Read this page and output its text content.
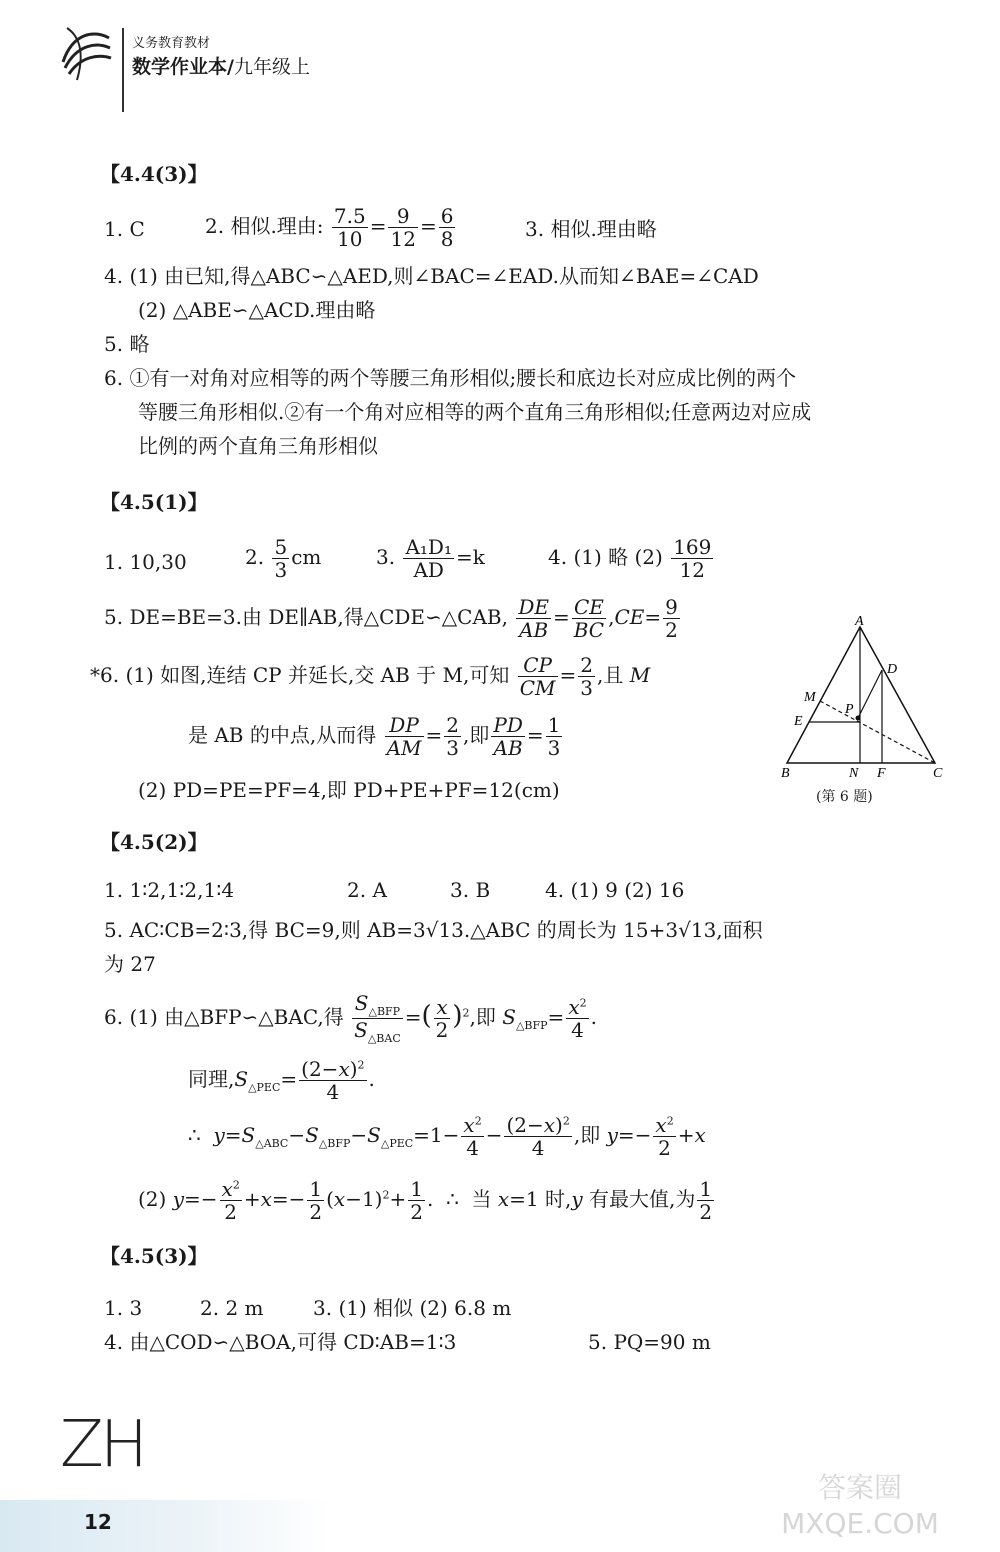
义务教育教材
数学作业本/九年级上
【4.4(3)】
1. C	2. 相似.理由: $\frac{7.5}{10} = \frac{9}{12} = \frac{6}{8}$	3. 相似.理由略
4. (1) 由已知,得△ABC∽△AED,则∠BAC=∠EAD.从而知∠BAE=∠CAD
(2) △ABE∽△ACD.理由略
5. 略
6. ①有一对角对应相等的两个等腰三角形相似;腰长和底边长对应成比例的两个
等腰三角形相似.②有一个角对应相等的两个直角三角形相似;任意两边对应成
比例的两个直角三角形相似
【4.5(1)】
1. 10,30	2. $\frac{5}{3}$ cm	3. $\frac{\text{A₁D₁}}{AD} =k$	4. (1) 略 $(2) \frac{169}{12}$
5. DE=BE=3.由 DE∥AB,得△CDE∽△CAB, $\frac{DE}{AB} = \frac{CE}{BC} ,CE= \frac{9}{2}$
*6. (1) 如图,连结 CP 并延长,交 AB 于 M,可知 $\frac{CP}{CM} = \frac{2}{3}$ ,且 M
是 AB 的中点,从而得 $\frac{DP}{AM} = \frac{2}{3}$ ,即 $\frac{PD}{AB} = \frac{1}{3}$
(2) PD=PE=PF=4,即 PD+PE+PF=12(cm)
A
D
M
P
E
B	N F	C
(第 6 题)
【4.5(2)】
1. 1∶2,1∶2,1∶4	2. A	3. B	4. (1) 9 (2) 16
5. AC∶CB=2∶3,得 BC=9,则 AB=3√13.△ABC 的周长为 15+3√13,面积
为 27
6. (1) 由△BFP∽△BAC,得 $\frac{S_{\triangle BFP}}{S_{\triangle BAC}}$ =( $\frac{x}{2} )^2$,即 $S_{\triangle BFP}= \frac{x^2}{4}$ .
同理$,S_{\triangle PEC}= \frac{(2-x)^2}{4}$ .
∴ $y=S_{\triangle ABC}-S_{\triangle BFP}-S_{\triangle PEC}=1- \frac{x^2}{4} - \frac{(2-x)^2}{4}$ ,即 $y=- \frac{x^2}{2} +x$
(2) $y=- \frac{x^2}{2} +x=- \frac{1}{2} (x-1)^2+ \frac{1}{2}$ .  ∴  当 x=1 时,y 有最大值,为 $\frac{1}{2}$
【4.5(3)】
1. 3	2. 2 m 3. (1) 相似 (2) 6.8 m
4. 由△COD∽△BOA,可得 CD∶AB=1∶3	5. PQ=90 m
ZH
12
答案圈 MXQE.COM
